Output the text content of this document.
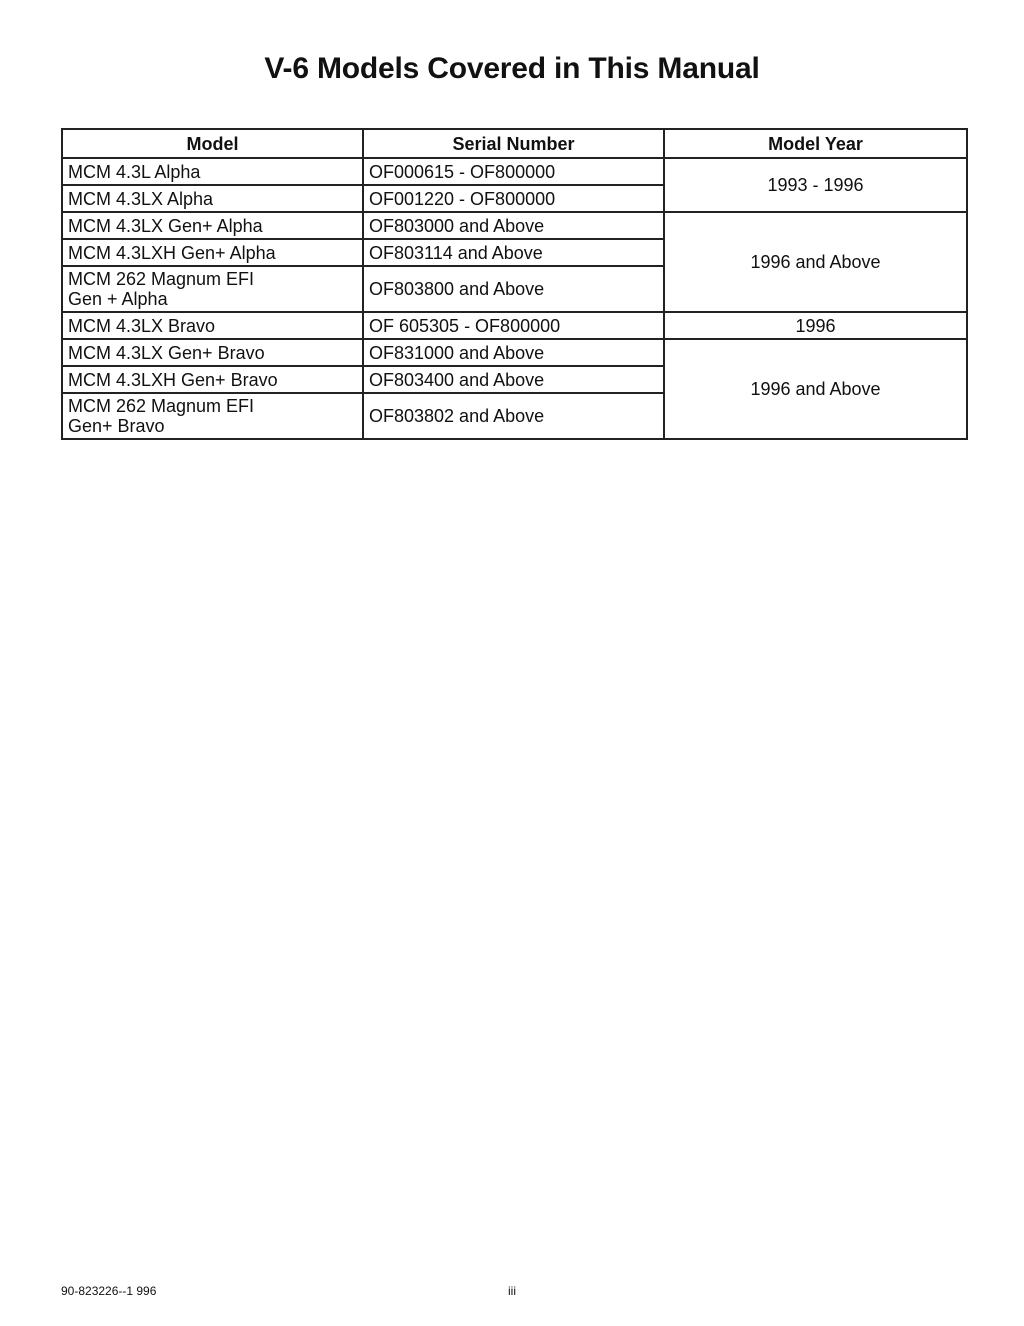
V-6 Models Covered in This Manual
Model	Serial Number	Model Year
MCM 4.3L Alpha	OF000615 - OF800000	1993 - 1996
MCM 4.3LX Alpha	OF001220 - OF800000	
MCM 4.3LX Gen+ Alpha	OF803000 and Above	1996 and Above
MCM 4.3LXH Gen+ Alpha	OF803114 and Above	

MCM 262 Magnum EFI
Gen + Alpha	OF803800 and Above	
MCM 4.3LX Bravo	OF 605305 - OF800000	1996
MCM 4.3LX Gen+ Bravo	OF831000 and Above	1996 and Above
MCM 4.3LXH Gen+ Bravo	OF803400 and Above	

MCM 262 Magnum EFI
Gen+ Bravo	OF803802 and Above	
90-823226--1 996	iii
